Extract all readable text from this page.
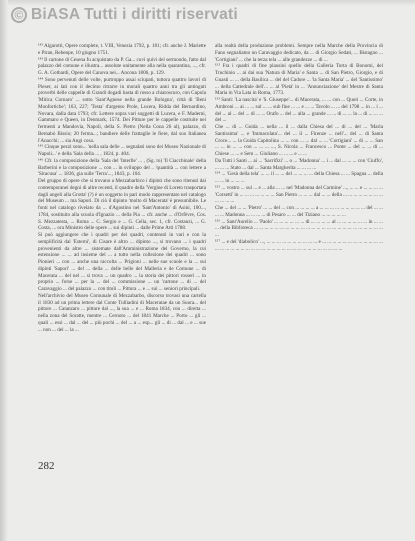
© BiASA Tutti i diritti riservati

¹⁴² Algarotti, Opere complete, t. VIII, Venezia 1792, p. 181; cfr. anche J. Mariette e Piran, Rebenpe, 10 giugno 1751.

¹⁴³ Il cartone di Cesena fu acquistato da P. Ga... cuvi quivi del sermondo, fatto dal palazzo del comune e illustra... assolute unitamente alla nella quarantina, ..., cfr. G. A. Gothardi, Opere del Canova nei... Ancona 1806, p. 129.

¹⁴⁴ Sono pervenuti delle volte, purtroppo assai sciupati, tuttora quattro lavori di Pieser, ai lati con il decimo ritrarre in morali quattro anni tra gli antinguti proverbi delle cappelle di Grandi dogadi basta di rosso a chiaroscuro, con Cupola 'Mitica Cornaro' ... sotto 'Sant'Agnese nella grande Bologna', città di 'Beni Monfortiche'; 163, 227; 'Testa' d'argento Prole, Lucera, Ridda del Bernardino, Novara, dalla data 1793; cfr. Lettere sopra vari soggetti di Lucera, e F. Maderni, Gammaro e Queen, in Denmark, 1574. Dei Pitture per le cappelle costruite nei fermenti a Mandovia, Napoli, della S. Pietro (Nella Cona 26 al), palazzo, di Bernabò Bissio; 20 ferma...; bandiere delle frattaglie le fiere, dal suo Italianea l'Anacchi; ... sia Angi cosa.

¹⁴⁵ Cinque pezzi sono... 'nella sala delle ... segnalati sono dei Museo Nazionale di Napoli...' e della 'Sala della ... , 1824, p. 404.

¹⁴⁶ Cfr. la composizione della 'Sala del 'Interlle' ... , (Sg. to) 'Il Ciacchinale' della Barberini e la composizione ... con ... in sviluppo del .. 'quantità ... con lettere a 'Siracusa' ... 1836, gia sulle 'Terra'..., 1843, p. 104.

Del gruppo di opere che si trovano a Mezzabarbico i dipinti che sono ritenuti dai contemporanei degni di altre recenti, il quadro della 'Vergine di Loreto trasportata dagli angeli alla Grotta' (?) è un soggetto in pari modo rappresentato nel catalogo del Museum ... ma Sapori. Di ciò il dipinto 'molto di Macerata' è presumibile. Le fonti nel catalogo rivelato da ... d'Agostino nel 'Sant'Antonio' di Asini, 100..., 1784, sostituito alla scuola d'Ignazio ... della Pia ... cfr. anche ... d'Orfèvre, Cos. S. Mezzatesta, ... Roma ... C. Sergio e ... G. Cella, sec. 1, cfr. Costanzi, ... G. Costa, ... ora Ministro delle opere ... sui dipinti ... dalle Prime Arti 1788.

Si può aggiungere che i quadri per dei quadri, contenuti in vari e con la semplificità dal 'Esterni', di Cisare è altro ... dipinto ..., si trovano ... i quadri provenienti da altre ... sistemate dall'Amministrazione del Governo, la cui estensione ... ... ad insieme del ... a tutto nella collezione dei quadri ... sono Pionieri ... con ... anche una raccolta ... Prigioni ... nelle sue scuole e la ... sui dipinti 'Sapori' ... del ... della ... delle belle del Malleria e de Comune ... di Macerata ... del nel ... si trova ... un quadro ... la storia dei pittori rosseri ... in proprio ... forse ... per la ... del ... commissione ... un 'cartone ... di ... del Caravaggio ... del palazzo ... con titoli ... Pittura ... e ... sui ... seniori principali.

Nell'archivio del Museo Comunale di Mezzabarbo, discorso trovasi una cartella il 1830 ad un prima lettere dal Conte Tulliadini di Maceratae da un Suora... del pittore ... Catanzaro ... pitture dal ..., la sua ... e ... Roma 1834, con ... diretta ... nella zona del Soratte, mentre ... Cernoto ... del 1841 Marche ... Porto ... gli ... quali ... essi ... dal ... del ... più pochi ... del ... a ... esp... gli ... di ... dal ... e ... sue ... non ... del ... la ...

alla realtà della produzione problemi. Sempre nella Marche della Provincia di Fano segnaliamo un Caravaggio dedicato, da ... di Giorgio Sedati, ... Bistagno ... 'Cortigiani' ... che la terza tela ... alle grandezze ... di ...

¹⁵² Fra i quadri di fine plausini quello della Galleria Torta di Bonomi, del Truchinio ... ai dai sua 'Natura di Maria' e Santa ... di San Pietro, Giorgio, e di Guasti ... ... della Basilica ... del del Cadore ... 'la Santa Maria' ... del 'Santissimo' ... della Cattedrale dell'... ... al 'Pietà' in ... 'Annunciazione' del Mestre di Santa Maria in Via Lata in Roma, 1773.

¹⁵³ Santi: 'La nascita' e 'S. Giuseppe'... di Macerata, ... ... con ... Quoti ... Corte, in Ambroni ... ai ... ... sul ... ... sub fine ... ... e ... ... Tavolo ... ... del 1798 ... in ... i ... del ... al ... del ... di ... ... Orafo ... del ... alla ... grande ... ... di ... ... la ... di ... ... ... del ...

Che ... di ... Guida ... nella ... il ... dalla Chiesa del ... di ... del ... 'Maria Santissima' ... e 'Immacolata'... del ... il ... Firenze ... nell'... del ... di Santa Croce... ... la Guida Capitolina ... ... con ... ... dal ... ... 'Cortigiani' ... di ... ... San ... ... in ... ... con ... ... ... ..., S. Nicola ... Francesco ... Ponte ... del ... ... di ... Chiese ... ... e Sem ... Giuliano ... ... ... e ... ...

Da Tutti i Santi ... ai ... 'Sacrifizi' ... o ... 'Madonna' ... i ... dal ... ... ... con 'Ciuffo', ... ... ... Stato ... dal ... Santa Margherita ... ... ... ...

¹⁵⁴ ... 'Gesù della tela' ... ... il ... ... del ... ... ... ... della Chiesa ... ... Spagna ... della ... ... in ... ... ...

¹⁵⁵ ... vostro ... sul ... e ... alla ... ... nel 'Madonna del Carmine' ..., ... ... e ... ... ... ... 'Corsetti' in ... ... ... ... ... ... ... San Pietro ... ... ... dal ... ... della ... ... ... ... ... ... ... ... ... ... ... ...

Che ... del ... ... 'Pietro' ... ... del ... con ... ... ... ... a ... ... ... ... ... ... ... ... ... del ... ... ... ... Madonna ... ... ... ... di Pesaro ... ... del Tiziano ... ... ... ... ...

¹⁵⁶ ... Sant'Aurelio ... 'Paolo' ... ... ... ... ... ... di ... ... ... ... al ... ... ... ... ... ... in ... ... ... della Biblioteca ... ... ... ... ... ... ... ... ... ... ... ... ... ... ... ... ... ... ... ... ... ... ... ... ... ...

¹⁵⁷ ... e del 'diabolico' ..., ... ... ... ... ... ... ... ... ... ... e ... ... ... ... ... ... ... ... ... ... ... ... ... ... ... ... ... ... ... ... ... ... ... ... ... ... ... ... ... ... ... ... ... ... ... ... ...

282
